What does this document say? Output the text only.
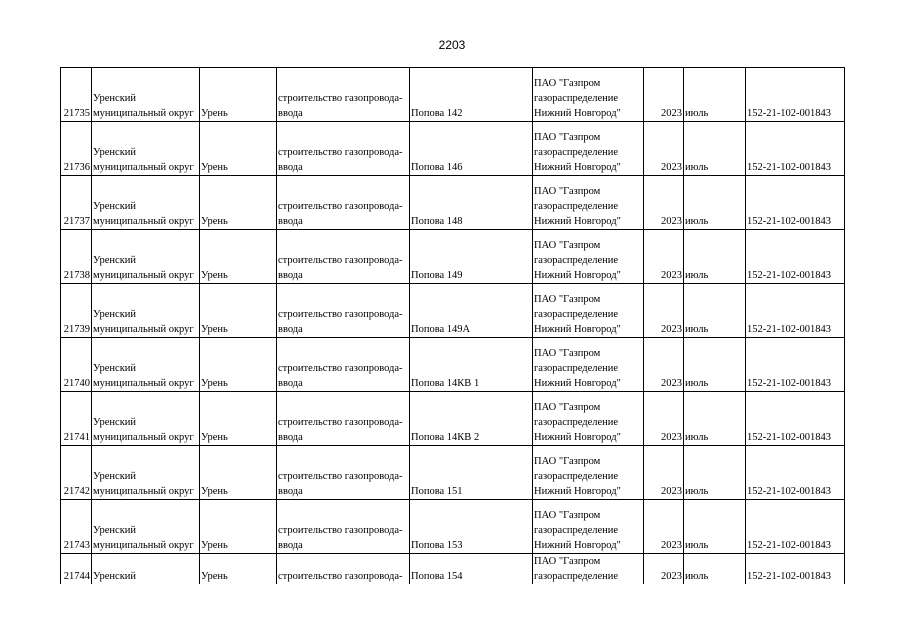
2203
21735	Уренский
муниципальный округ	Урень	строительство газопровода-
ввода	Попова 142	ПАО "Газпром
газораспределение
Нижний Новгород"	2023	июль	152-21-102-001843

21736	Уренский
муниципальный округ	Урень	строительство газопровода-
ввода	Попова 146	ПАО "Газпром
газораспределение
Нижний Новгород"	2023	июль	152-21-102-001843

21737	Уренский
муниципальный округ	Урень	строительство газопровода-
ввода	Попова 148	ПАО "Газпром
газораспределение
Нижний Новгород"	2023	июль	152-21-102-001843

21738	Уренский
муниципальный округ	Урень	строительство газопровода-
ввода	Попова 149	ПАО "Газпром
газораспределение
Нижний Новгород"	2023	июль	152-21-102-001843

21739	Уренский
муниципальный округ	Урень	строительство газопровода-
ввода	Попова 149А	ПАО "Газпром
газораспределение
Нижний Новгород"	2023	июль	152-21-102-001843

21740	Уренский
муниципальный округ	Урень	строительство газопровода-
ввода	Попова 14КВ 1	ПАО "Газпром
газораспределение
Нижний Новгород"	2023	июль	152-21-102-001843

21741	Уренский
муниципальный округ	Урень	строительство газопровода-
ввода	Попова 14КВ 2	ПАО "Газпром
газораспределение
Нижний Новгород"	2023	июль	152-21-102-001843

21742	Уренский
муниципальный округ	Урень	строительство газопровода-
ввода	Попова 151	ПАО "Газпром
газораспределение
Нижний Новгород"	2023	июль	152-21-102-001843

21743	Уренский
муниципальный округ	Урень	строительство газопровода-
ввода	Попова 153	ПАО "Газпром
газораспределение
Нижний Новгород"	2023	июль	152-21-102-001843

21744	Уренский	Урень	строительство газопровода-	Попова 154	ПАО "Газпром
газораспределение	2023	июль	152-21-102-001843
